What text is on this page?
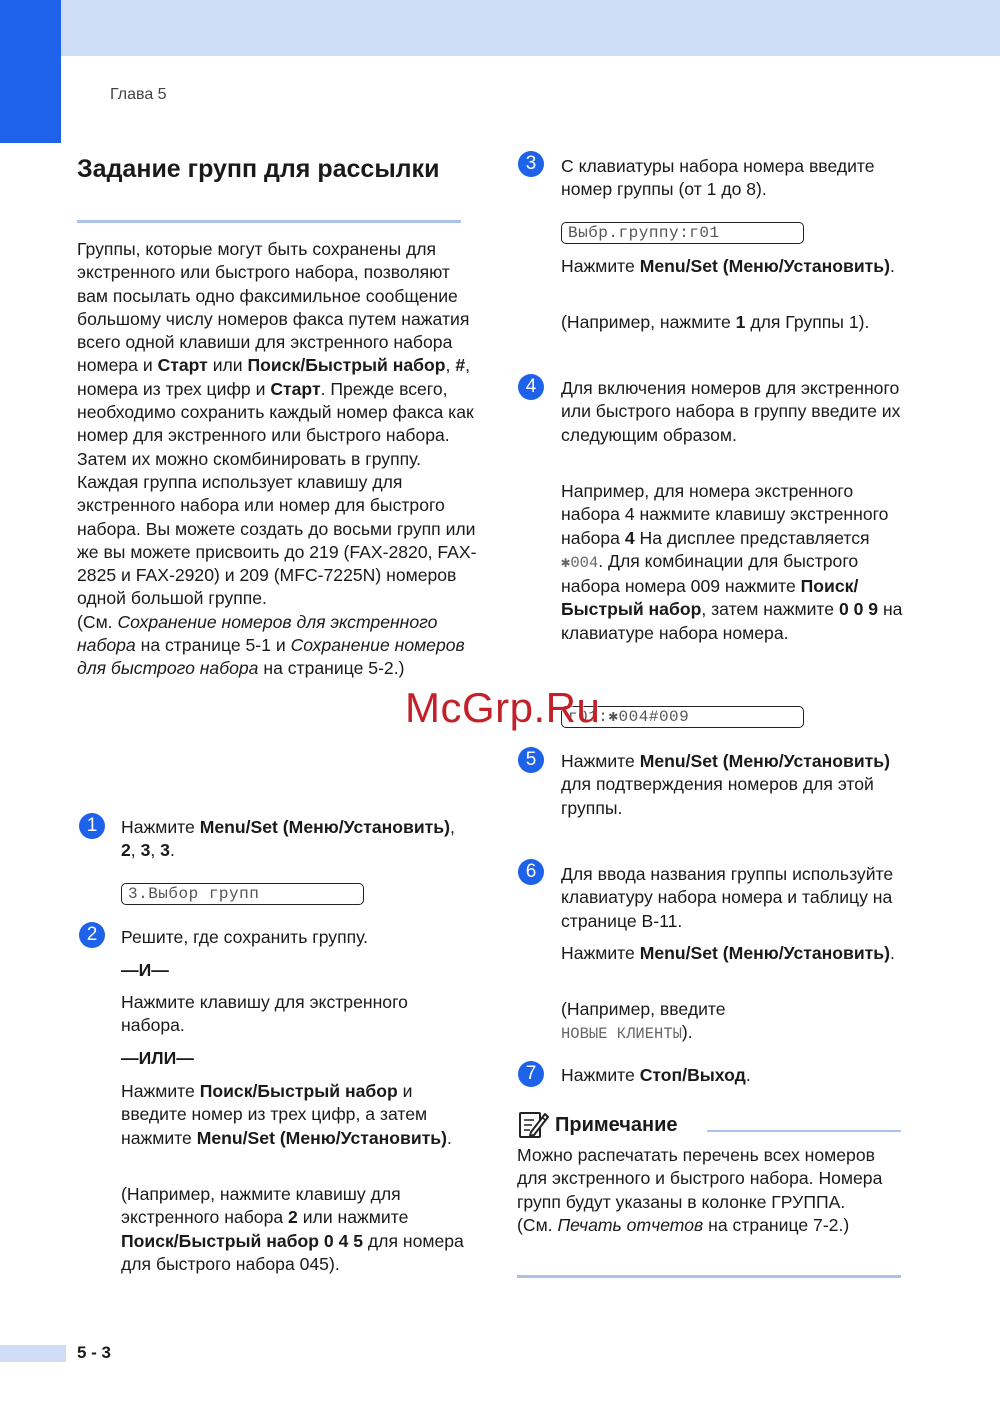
Глава 5
Задание групп для рассылки
Группы, которые могут быть сохранены для экстренного или быстрого набора, позволяют вам посылать одно факсимильное сообщение большому числу номеров факса путем нажатия всего одной клавиши для экстренного набора номера и Старт или Поиск/Быстрый набор, #, номера из трех цифр и Старт. Прежде всего, необходимо сохранить каждый номер факса как номер для экстренного или быстрого набора. Затем их можно скомбинировать в группу. Каждая группа использует клавишу для экстренного набора или номер для быстрого набора. Вы можете создать до восьми групп или же вы можете присвоить до 219 (FAX-2820, FAX-2825 и FAX-2920) и 209 (MFC-7225N) номеров одной большой группе.
(См. Сохранение номеров для экстренного набора на странице 5-1 и Сохранение номеров для быстрого набора на странице 5-2.)
1	Нажмите Menu/Set (Меню/Установить), 2, 3, 3.
3.Выбор групп
2	Решите, где сохранить группу.
—И—
Нажмите клавишу для экстренного набора.
—ИЛИ—
Нажмите Поиск/Быстрый набор и введите номер из трех цифр, а затем нажмите Menu/Set (Меню/Установить).
(Например, нажмите клавишу для экстренного набора 2 или нажмите Поиск/Быстрый набор 0 4 5 для номера для быстрого набора 045).
3	С клавиатуры набора номера введите номер группы (от 1 до 8).
Выбр.группу:г01
Нажмите Menu/Set (Меню/Установить).
(Например, нажмите 1 для Группы 1).
4	Для включения номеров для экстренного или быстрого набора в группу введите их следующим образом.
Например, для номера экстренного набора 4 нажмите клавишу экстренного набора 4 На дисплее представляется ✱004. Для комбинации для быстрого набора номера 009 нажмите Поиск/Быстрый набор, затем нажмите 0 0 9 на клавиатуре набора номера.
г01:✱004#009
5	Нажмите Menu/Set (Меню/Установить) для подтверждения номеров для этой группы.
6	Для ввода названия группы используйте клавиатуру набора номера и таблицу на странице B-11.
Нажмите Menu/Set (Меню/Установить).
(Например, введите
НОВЫЕ КЛИЕНТЫ).
7	Нажмите Стоп/Выход.
Примечание
Можно распечатать перечень всех номеров для экстренного и быстрого набора. Номера групп будут указаны в колонке ГРУППА.
(См. Печать отчетов на странице 7-2.)
McGrp.Ru
5 - 3
